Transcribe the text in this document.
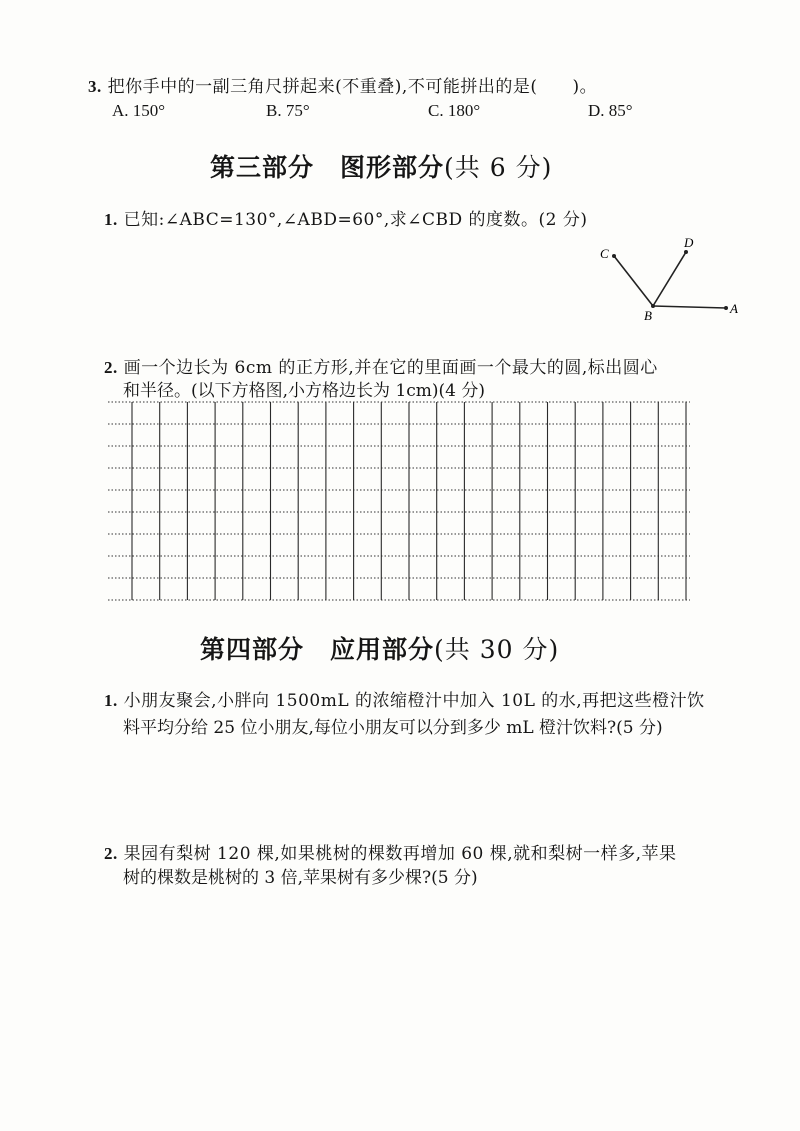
3. 把你手中的一副三角尺拼起来(不重叠),不可能拼出的是(　　)。
A. 150°	B. 75°	C. 180°	D. 85°
第三部分　图形部分(共 6 分)
1. 已知:∠ABC=130°,∠ABD=60°,求∠CBD 的度数。(2 分)
C
D
B	A
2. 画一个边长为 6cm 的正方形,并在它的里面画一个最大的圆,标出圆心
和半径。(以下方格图,小方格边长为 1cm)(4 分)
第四部分　应用部分(共 30 分)
1. 小朋友聚会,小胖向 1500mL 的浓缩橙汁中加入 10L 的水,再把这些橙汁饮
料平均分给 25 位小朋友,每位小朋友可以分到多少 mL 橙汁饮料?(5 分)
2. 果园有梨树 120 棵,如果桃树的棵数再增加 60 棵,就和梨树一样多,苹果
树的棵数是桃树的 3 倍,苹果树有多少棵?(5 分)
